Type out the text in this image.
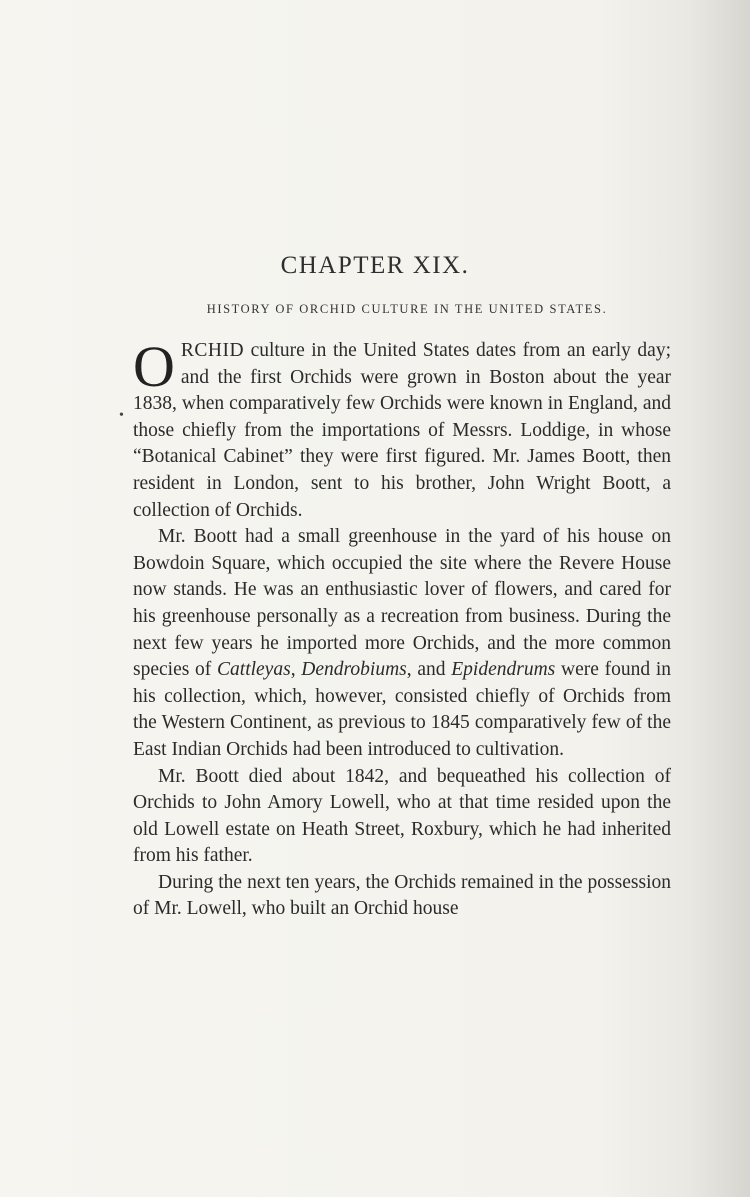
CHAPTER XIX.
HISTORY OF ORCHID CULTURE IN THE UNITED STATES.
•

ORCHID culture in the United States dates from an early day; and the first Orchids were grown in Boston about the year 1838, when comparatively few Orchids were known in England, and those chiefly from the importations of Messrs. Loddige, in whose “Botanical Cabinet” they were first figured. Mr. James Boott, then resident in London, sent to his brother, John Wright Boott, a collection of Orchids.

Mr. Boott had a small greenhouse in the yard of his house on Bowdoin Square, which occupied the site where the Revere House now stands. He was an enthusiastic lover of flowers, and cared for his greenhouse personally as a recreation from business. During the next few years he imported more Orchids, and the more common species of Cattleyas, Dendrobiums, and Epidendrums were found in his collection, which, however, consisted chiefly of Orchids from the Western Continent, as previous to 1845 comparatively few of the East Indian Orchids had been introduced to cultivation.

Mr. Boott died about 1842, and bequeathed his collection of Orchids to John Amory Lowell, who at that time resided upon the old Lowell estate on Heath Street, Roxbury, which he had inherited from his father.

During the next ten years, the Orchids remained in the possession of Mr. Lowell, who built an Orchid house
